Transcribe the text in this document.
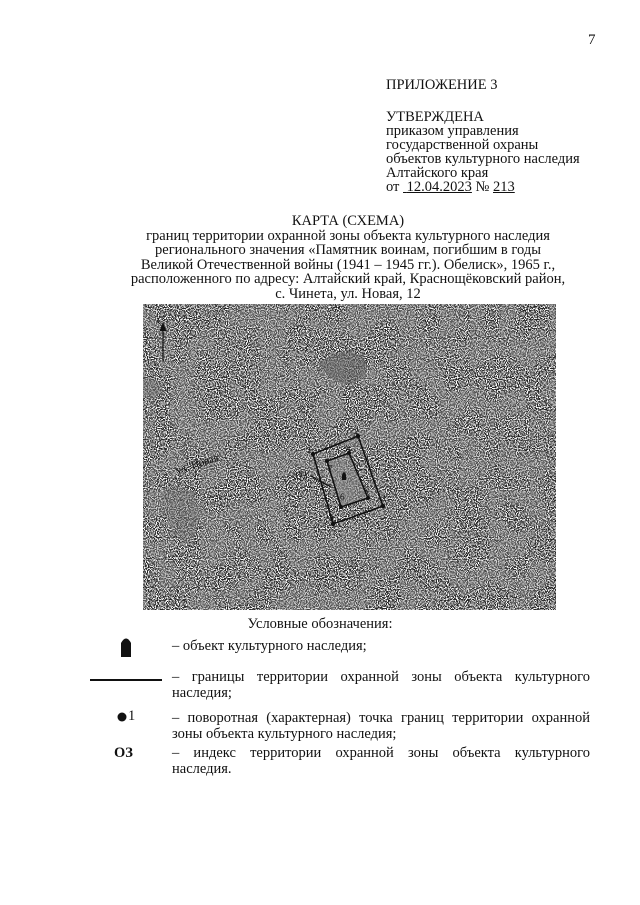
7
ПРИЛОЖЕНИЕ 3
УТВЕРЖДЕНА
приказом управления
государственной охраны
объектов культурного наследия
Алтайского края
от 12.04.2023 № 213
КАРТА (СХЕМА)
границ территории охранной зоны объекта культурного наследия
регионального значения «Памятник воинам, погибшим в годы
Великой Отечественной войны (1941 – 1945 гг.). Обелиск», 1965 г.,
расположенного по адресу: Алтайский край, Краснощёковский район,
с. Чинета, ул. Новая, 12
С
ул. Новая
1
2
3
4
5
6
7
8
ОЗ
Условные обозначения:
– объект культурного наследия;
– границы территории охранной зоны объекта культурного
наследия;
1	– поворотная (характерная) точка границ территории охранной
зоны объекта культурного наследия;
ОЗ	– индекс территории охранной зоны объекта культурного
наследия.
